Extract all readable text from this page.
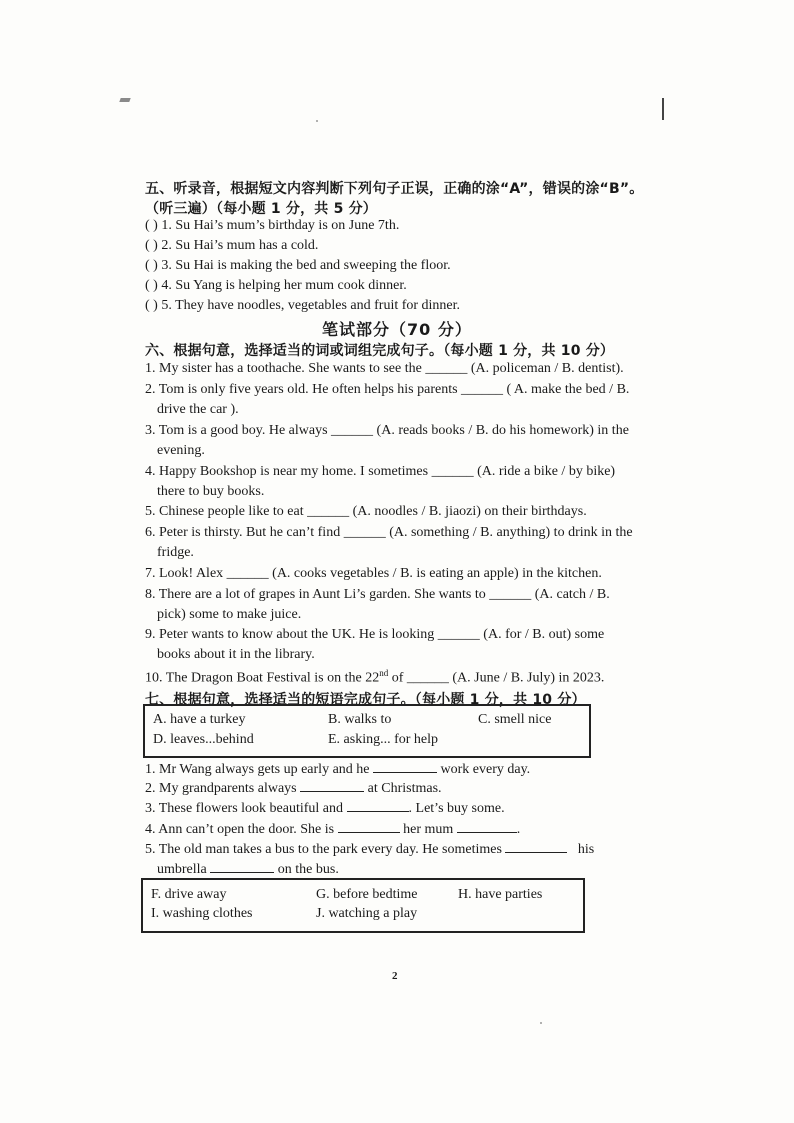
五、听录音，根据短文内容判断下列句子正误，正确的涂“A”，错误的涂“B”。
（听三遍）（每小题 1 分，共 5 分）
( ) 1. Su Hai’s mum’s birthday is on June 7th.
( ) 2. Su Hai’s mum has a cold.
( ) 3. Su Hai is making the bed and sweeping the floor.
( ) 4. Su Yang is helping her mum cook dinner.
( ) 5. They have noodles, vegetables and fruit for dinner.
笔试部分（70 分）
六、根据句意，选择适当的词或词组完成句子。（每小题 1 分，共 10 分）
1. My sister has a toothache. She wants to see the ______ (A. policeman / B. dentist).
2. Tom is only five years old. He often helps his parents ______ ( A. make the bed / B.
drive the car ).
3. Tom is a good boy. He always ______ (A. reads books / B. do his homework) in the
evening.
4. Happy Bookshop is near my home. I sometimes ______ (A. ride a bike / by bike)
there to buy books.
5. Chinese people like to eat ______ (A. noodles / B. jiaozi) on their birthdays.
6. Peter is thirsty. But he can’t find ______ (A. something / B. anything) to drink in the
fridge.
7. Look! Alex ______ (A. cooks vegetables / B. is eating an apple) in the kitchen.
8. There are a lot of grapes in Aunt Li’s garden. She wants to ______ (A. catch / B.
pick) some to make juice.
9. Peter wants to know about the UK. He is looking ______ (A. for / B. out) some
books about it in the library.
10. The Dragon Boat Festival is on the 22nd of ______ (A. June / B. July) in 2023.
七、根据句意，选择适当的短语完成句子。（每小题 1 分，共 10 分）
A. have a turkey	B. walks to	C. smell nice
D. leaves...behind	E. asking... for help
1. Mr Wang always gets up early and he	work every day.
2. My grandparents always	at Christmas.
3. These flowers look beautiful and	. Let’s buy some.
4. Ann can’t open the door. She is	her mum	.
5. The old man takes a bus to the park every day. He sometimes	his
umbrella	on the bus.
F. drive away	G. before bedtime	H. have parties
I. washing clothes	J. watching a play
2
